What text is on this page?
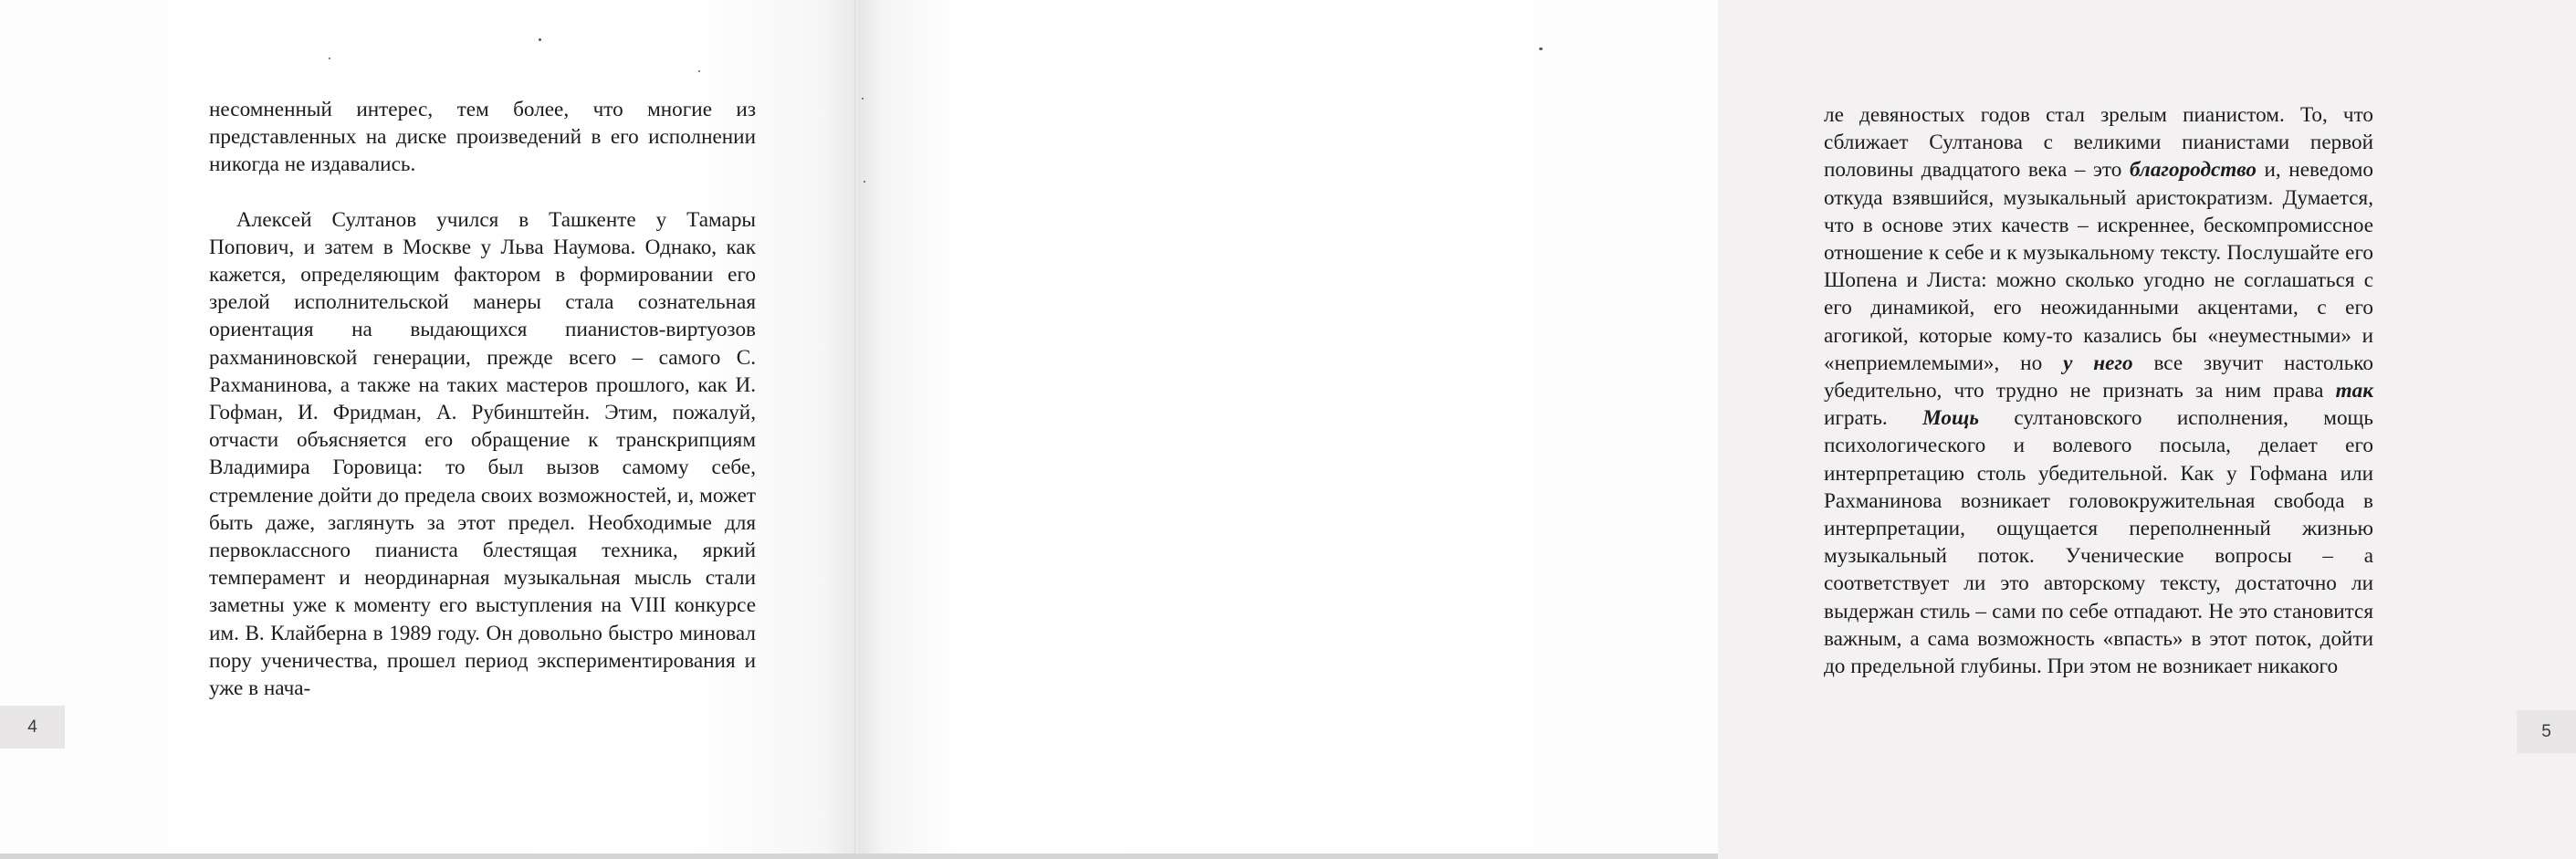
несомненный интерес, тем более, что многие из представленных на диске произведений в его исполнении никогда не издавались.

Алексей Султанов учился в Ташкенте у Тамары Попович, и затем в Москве у Льва Наумова. Однако, как кажется, определяющим фактором в формировании его зрелой исполнительской манеры стала сознательная ориентация на выдающихся пианистов-виртуозов рахманиновской генерации, прежде всего – самого С. Рахманинова, а также на таких мастеров прошлого, как И. Гофман, И. Фридман, А. Рубинштейн. Этим, пожалуй, отчасти объясняется его обращение к транскрипциям Владимира Горовица: то был вызов самому себе, стремление дойти до предела своих возможностей, и, может быть даже, заглянуть за этот предел. Необходимые для первоклассного пианиста блестящая техника, яркий темперамент и неординарная музыкальная мысль стали заметны уже к моменту его выступления на VIII конкурсе им. В. Клайберна в 1989 году. Он довольно быстро миновал пору ученичества, прошел период экспериментирования и уже в нача-

4

ле девяностых годов стал зрелым пианистом. То, что сближает Султанова с великими пианистами первой половины двадцатого века – это благородство и, неведомо откуда взявшийся, музыкальный аристократизм. Думается, что в основе этих качеств – искреннее, бескомпромиссное отношение к себе и к музыкальному тексту. Послушайте его Шопена и Листа: можно сколько угодно не соглашаться с его динамикой, его неожиданными акцентами, с его агогикой, которые кому-то казались бы «неуместными» и «неприемлемыми», но у него все звучит настолько убедительно, что трудно не признать за ним права так играть. Мощь султановского исполнения, мощь психологического и волевого посыла, делает его интерпретацию столь убедительной. Как у Гофмана или Рахманинова возникает головокружительная свобода в интерпретации, ощущается переполненный жизнью музыкальный поток. Ученические вопросы – а соответствует ли это авторскому тексту, достаточно ли выдержан стиль – сами по себе отпадают. Не это становится важным, а сама возможность «впасть» в этот поток, дойти до предельной глубины. При этом не возникает никакого

5
